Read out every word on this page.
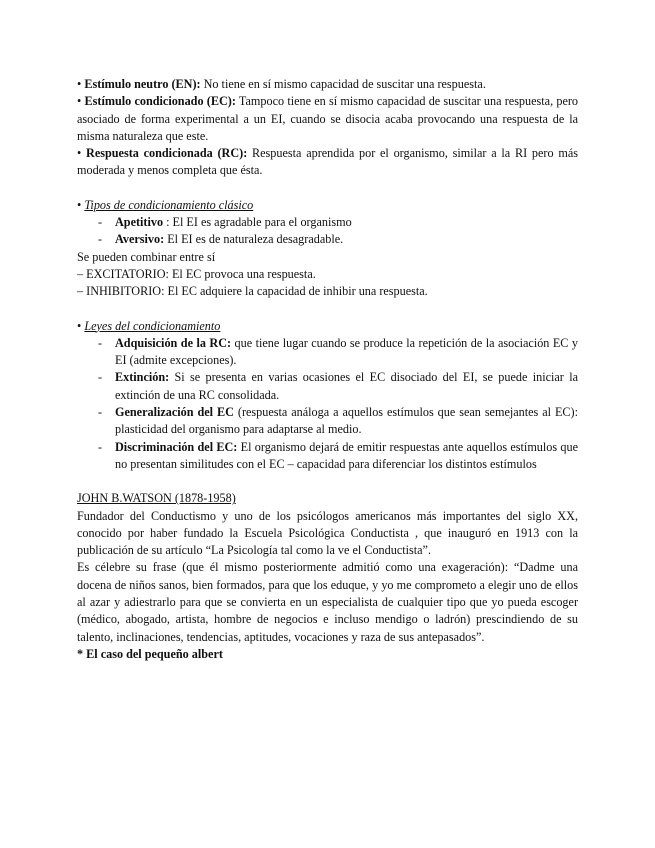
• Estímulo neutro (EN): No tiene en sí mismo capacidad de suscitar una respuesta.

• Estímulo condicionado (EC): Tampoco tiene en sí mismo capacidad de suscitar una respuesta, pero asociado de forma experimental a un EI, cuando se disocia acaba provocando una respuesta de la misma naturaleza que este.

• Respuesta condicionada (RC): Respuesta aprendida por el organismo, similar a la RI pero más moderada y menos completa que ésta.

• Tipos de condicionamiento clásico

- Apetitivo : El EI es agradable para el organismo
- Aversivo: El EI es de naturaleza desagradable.

Se pueden combinar entre sí

– EXCITATORIO: El EC provoca una respuesta.

– INHIBITORIO: El EC adquiere la capacidad de inhibir una respuesta.

• Leyes del condicionamiento

- Adquisición de la RC: que tiene lugar cuando se produce la repetición de la asociación EC y EI (admite excepciones).
- Extinción: Si se presenta en varias ocasiones el EC disociado del EI, se puede iniciar la extinción de una RC consolidada.
- Generalización del EC (respuesta análoga a aquellos estímulos que sean semejantes al EC): plasticidad del organismo para adaptarse al medio.
- Discriminación del EC: El organismo dejará de emitir respuestas ante aquellos estímulos que no presentan similitudes con el EC – capacidad para diferenciar los distintos estímulos

JOHN B.WATSON (1878-1958)

Fundador del Conductismo y uno de los psicólogos americanos más importantes del siglo XX, conocido por haber fundado la Escuela Psicológica Conductista , que inauguró en 1913 con la publicación de su artículo “La Psicología tal como la ve el Conductista”.

Es célebre su frase (que él mismo posteriormente admitió como una exageración): “Dadme una docena de niños sanos, bien formados, para que los eduque, y yo me comprometo a elegir uno de ellos al azar y adiestrarlo para que se convierta en un especialista de cualquier tipo que yo pueda escoger (médico, abogado, artista, hombre de negocios e incluso mendigo o ladrón) prescindiendo de su talento, inclinaciones, tendencias, aptitudes, vocaciones y raza de sus antepasados”.

* El caso del pequeño albert
